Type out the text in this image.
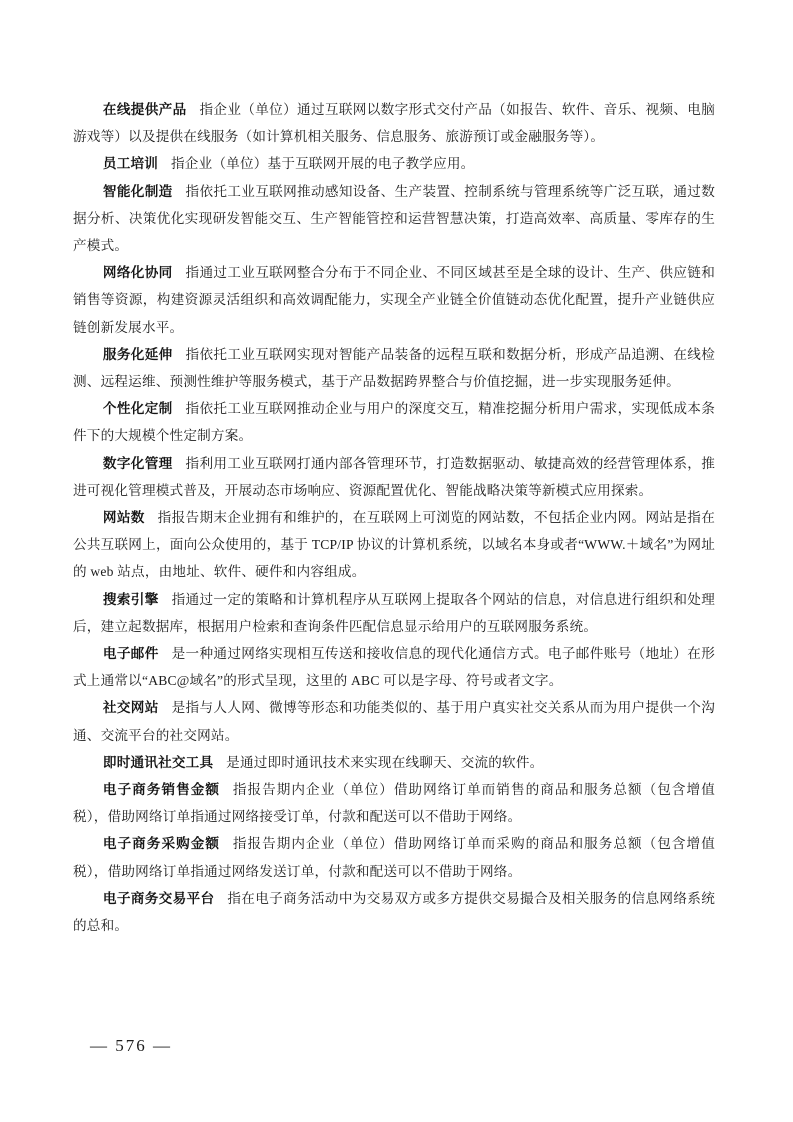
在线提供产品 指企业（单位）通过互联网以数字形式交付产品（如报告、软件、音乐、视频、电脑游戏等）以及提供在线服务（如计算机相关服务、信息服务、旅游预订或金融服务等）。

员工培训 指企业（单位）基于互联网开展的电子教学应用。

智能化制造 指依托工业互联网推动感知设备、生产装置、控制系统与管理系统等广泛互联，通过数据分析、决策优化实现研发智能交互、生产智能管控和运营智慧决策，打造高效率、高质量、零库存的生产模式。

网络化协同 指通过工业互联网整合分布于不同企业、不同区域甚至是全球的设计、生产、供应链和销售等资源，构建资源灵活组织和高效调配能力，实现全产业链全价值链动态优化配置，提升产业链供应链创新发展水平。

服务化延伸 指依托工业互联网实现对智能产品装备的远程互联和数据分析，形成产品追溯、在线检测、远程运维、预测性维护等服务模式，基于产品数据跨界整合与价值挖掘，进一步实现服务延伸。

个性化定制 指依托工业互联网推动企业与用户的深度交互，精准挖掘分析用户需求，实现低成本条件下的大规模个性定制方案。

数字化管理 指利用工业互联网打通内部各管理环节，打造数据驱动、敏捷高效的经营管理体系，推进可视化管理模式普及，开展动态市场响应、资源配置优化、智能战略决策等新模式应用探索。

网站数 指报告期末企业拥有和维护的，在互联网上可浏览的网站数，不包括企业内网。网站是指在公共互联网上，面向公众使用的，基于 TCP/IP 协议的计算机系统，以域名本身或者“WWW.＋域名”为网址的 web 站点，由地址、软件、硬件和内容组成。

搜索引擎 指通过一定的策略和计算机程序从互联网上提取各个网站的信息，对信息进行组织和处理后，建立起数据库，根据用户检索和查询条件匹配信息显示给用户的互联网服务系统。

电子邮件 是一种通过网络实现相互传送和接收信息的现代化通信方式。电子邮件账号（地址）在形式上通常以“ABC@域名”的形式呈现，这里的 ABC 可以是字母、符号或者文字。

社交网站 是指与人人网、微博等形态和功能类似的、基于用户真实社交关系从而为用户提供一个沟通、交流平台的社交网站。

即时通讯社交工具 是通过即时通讯技术来实现在线聊天、交流的软件。

电子商务销售金额 指报告期内企业（单位）借助网络订单而销售的商品和服务总额（包含增值税），借助网络订单指通过网络接受订单，付款和配送可以不借助于网络。

电子商务采购金额 指报告期内企业（单位）借助网络订单而采购的商品和服务总额（包含增值税），借助网络订单指通过网络发送订单，付款和配送可以不借助于网络。

电子商务交易平台 指在电子商务活动中为交易双方或多方提供交易撮合及相关服务的信息网络系统的总和。

— 576 —
